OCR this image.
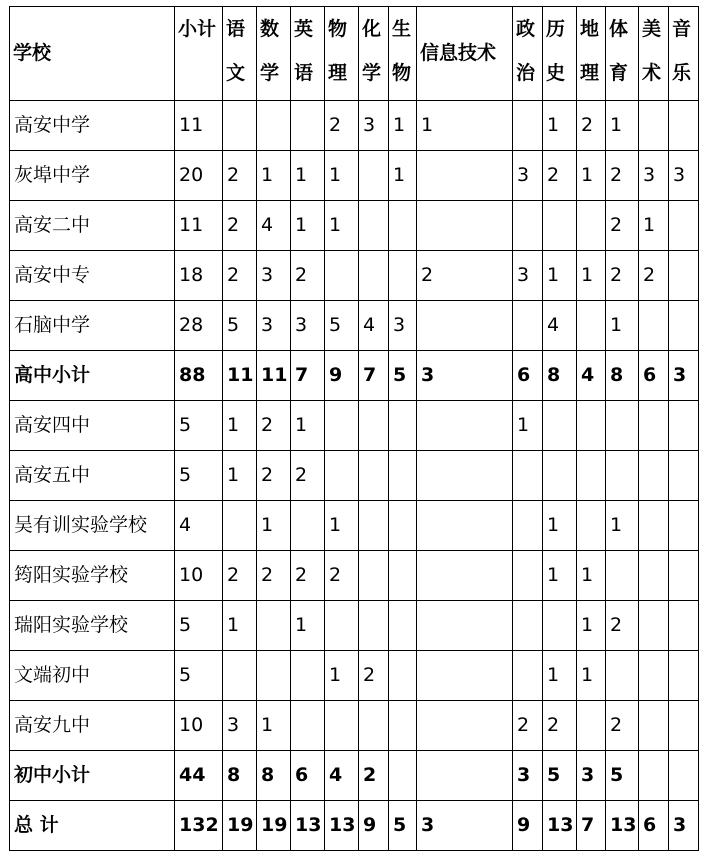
学校	小计	语文	数学	英语	物理	化学	生物	信息技术	政治	历史	地理	体育	美术	音乐

高安中学	11				2	3	1	1		1	2	1		
灰埠中学	20	2	1	1	1		1		3	2	1	2	3	3
高安二中	11	2	4	1	1							2	1	
高安中专	18	2	3	2				2	3	1	1	2	2	
石脑中学	28	5	3	3	5	4	3			4		1		
高中小计	88	11	11	7	9	7	5	3	6	8	4	8	6	3
高安四中	5	1	2	1					1					
高安五中	5	1	2	2										
吴有训实验学校	4		1		1					1		1		
筠阳实验学校	10	2	2	2	2					1	1			
瑞阳实验学校	5	1		1							1	2		
文端初中	5				1	2				1	1			
高安九中	10	3	1						2	2		2		
初中小计	44	8	8	6	4	2			3	5	3	5		
总 计	132	19	19	13	13	9	5	3	9	13	7	13	6	3
